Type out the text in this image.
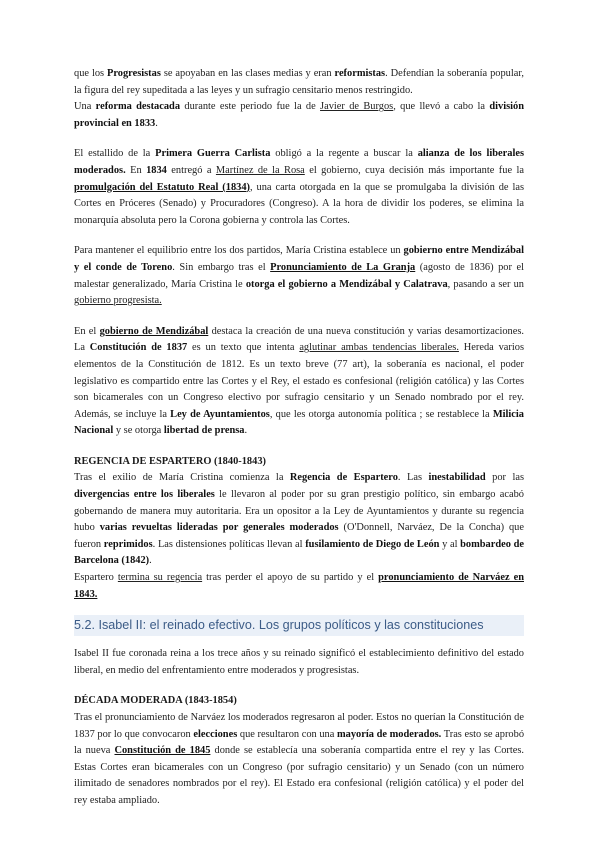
que los Progresistas se apoyaban en las clases medias y eran reformistas. Defendían la soberanía popular, la figura del rey supeditada a las leyes y un sufragio censitario menos restringido.

Una reforma destacada durante este periodo fue la de Javier de Burgos, que llevó a cabo la división provincial en 1833.

El estallido de la Primera Guerra Carlista obligó a la regente a buscar la alianza de los liberales moderados. En 1834 entregó a Martínez de la Rosa el gobierno, cuya decisión más importante fue la promulgación del Estatuto Real (1834), una carta otorgada en la que se promulgaba la división de las Cortes en Próceres (Senado) y Procuradores (Congreso). A la hora de dividir los poderes, se elimina la monarquía absoluta pero la Corona gobierna y controla las Cortes.

Para mantener el equilibrio entre los dos partidos, María Cristina establece un gobierno entre Mendizábal y el conde de Toreno. Sin embargo tras el Pronunciamiento de La Granja (agosto de 1836) por el malestar generalizado, María Cristina le otorga el gobierno a Mendizábal y Calatrava, pasando a ser un gobierno progresista.

En el gobierno de Mendizábal destaca la creación de una nueva constitución y varias desamortizaciones. La Constitución de 1837 es un texto que intenta aglutinar ambas tendencias liberales. Hereda varios elementos de la Constitución de 1812. Es un texto breve (77 art), la soberanía es nacional, el poder legislativo es compartido entre las Cortes y el Rey, el estado es confesional (religión católica) y las Cortes son bicamerales con un Congreso electivo por sufragio censitario y un Senado nombrado por el rey. Además, se incluye la Ley de Ayuntamientos, que les otorga autonomía política ; se restablece la Milicia Nacional y se otorga libertad de prensa.

REGENCIA DE ESPARTERO (1840-1843)

Tras el exilio de María Cristina comienza la Regencia de Espartero. Las inestabilidad por las divergencias entre los liberales le llevaron al poder por su gran prestigio político, sin embargo acabó gobernando de manera muy autoritaria. Era un opositor a la Ley de Ayuntamientos y durante su regencia hubo varias revueltas lideradas por generales moderados (O'Donnell, Narváez, De la Concha) que fueron reprimidos. Las distensiones políticas llevan al fusilamiento de Diego de León y al bombardeo de Barcelona (1842).

Espartero termina su regencia tras perder el apoyo de su partido y el pronunciamiento de Narváez en 1843.

5.2. Isabel II: el reinado efectivo. Los grupos políticos y las constituciones

Isabel II fue coronada reina a los trece años y su reinado significó el establecimiento definitivo del estado liberal, en medio del enfrentamiento entre moderados y progresistas.

DÉCADA MODERADA (1843-1854)

Tras el pronunciamiento de Narváez los moderados regresaron al poder. Estos no querían la Constitución de 1837 por lo que convocaron elecciones que resultaron con una mayoría de moderados. Tras esto se aprobó la nueva Constitución de 1845 donde se establecía una soberanía compartida entre el rey y las Cortes. Estas Cortes eran bicamerales con un Congreso (por sufragio censitario) y un Senado (con un número ilimitado de senadores nombrados por el rey). El Estado era confesional (religión católica) y el poder del rey estaba ampliado.
